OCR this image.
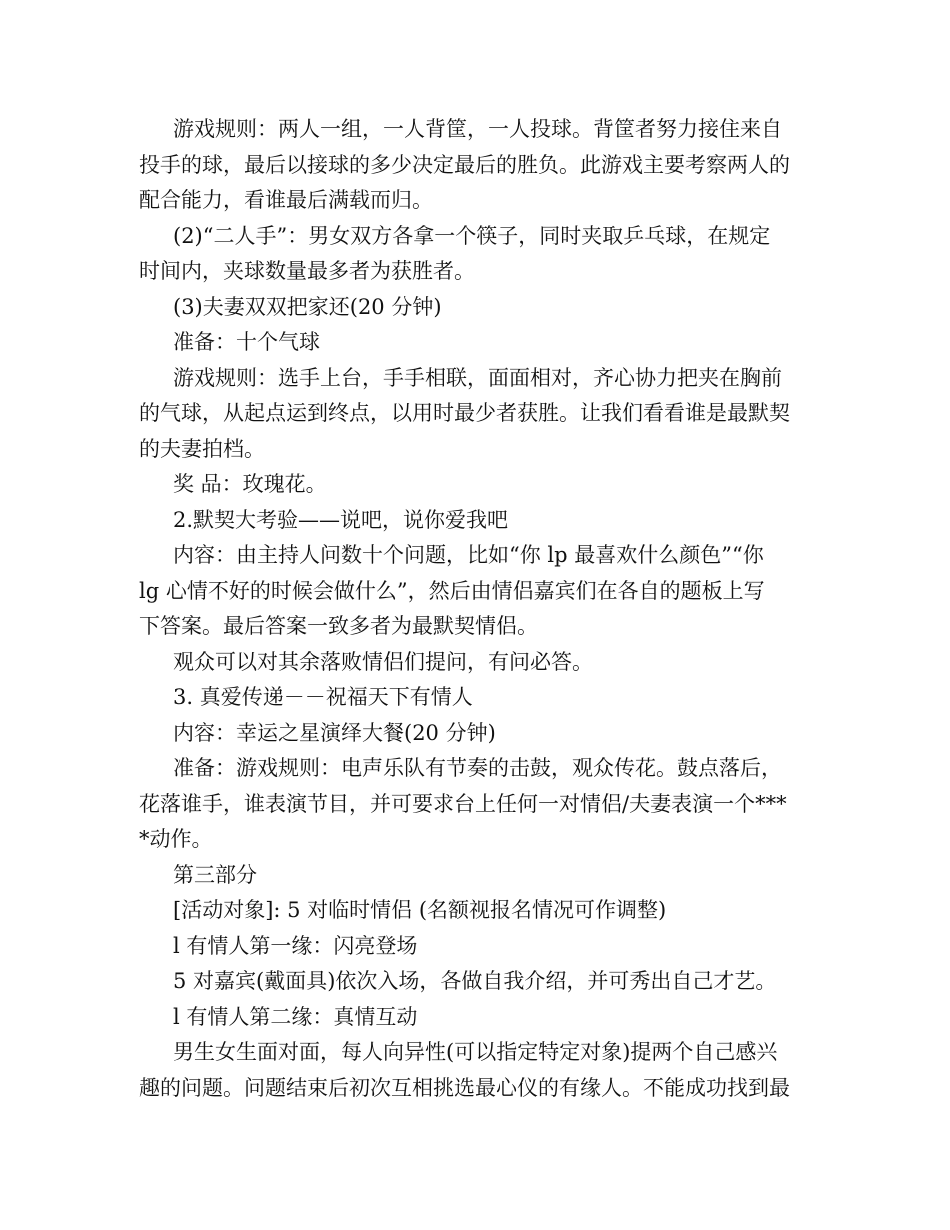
游戏规则：两人一组，一人背筐，一人投球。背筐者努力接住来自
投手的球，最后以接球的多少决定最后的胜负。此游戏主要考察两人的
配合能力，看谁最后满载而归。

(2)“二人手”：男女双方各拿一个筷子，同时夹取乒乓球，在规定
时间内，夹球数量最多者为获胜者。

(3)夫妻双双把家还(20 分钟)

准备：十个气球

游戏规则：选手上台，手手相联，面面相对，齐心协力把夹在胸前
的气球，从起点运到终点，以用时最少者获胜。让我们看看谁是最默契
的夫妻拍档。

奖 品：玫瑰花。

2.默契大考验——说吧，说你爱我吧

内容：由主持人问数十个问题，比如“你 lp 最喜欢什么颜色”“你
lg 心情不好的时候会做什么”，然后由情侣嘉宾们在各自的题板上写
下答案。最后答案一致多者为最默契情侣。

观众可以对其余落败情侣们提问，有问必答。

3. 真爱传递－－祝福天下有情人

内容：幸运之星演绎大餐(20 分钟)

准备：游戏规则：电声乐队有节奏的击鼓，观众传花。鼓点落后，
花落谁手，谁表演节目，并可要求台上任何一对情侣/夫妻表演一个***
*动作。

第三部分

[活动对象]: 5 对临时情侣 (名额视报名情况可作调整)

l 有情人第一缘：闪亮登场

5 对嘉宾(戴面具)依次入场，各做自我介绍，并可秀出自己才艺。

l 有情人第二缘：真情互动

男生女生面对面，每人向异性(可以指定特定对象)提两个自己感兴
趣的问题。问题结束后初次互相挑选最心仪的有缘人。不能成功找到最
